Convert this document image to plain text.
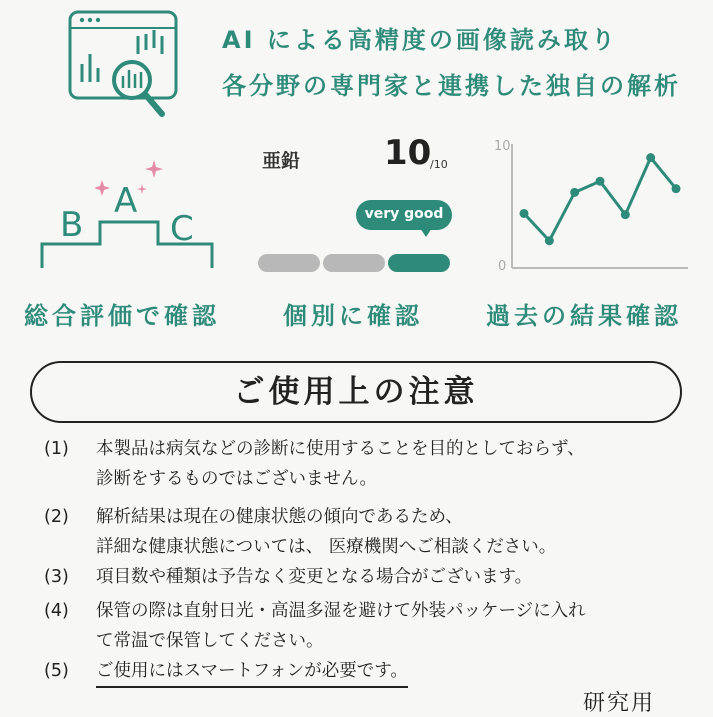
AI による高精度の画像読み取り
各分野の専門家と連携した独自の解析
B
A
C
亜鉛 10
/10
very good
10
0
総合評価で確認	個別に確認	過去の結果確認
ご使用上の注意
(1) 本製品は病気などの診断に使用することを目的としておらず、
診断をするものではございません。
(2) 解析結果は現在の健康状態の傾向であるため、
詳細な健康状態については、 医療機関へご相談ください。
(3) 項目数や種類は予告なく変更となる場合がございます。
(4) 保管の際は直射日光・高温多湿を避けて外装パッケージに入れ
て常温で保管してください。
(5) ご使用にはスマートフォンが必要です。
研究用
